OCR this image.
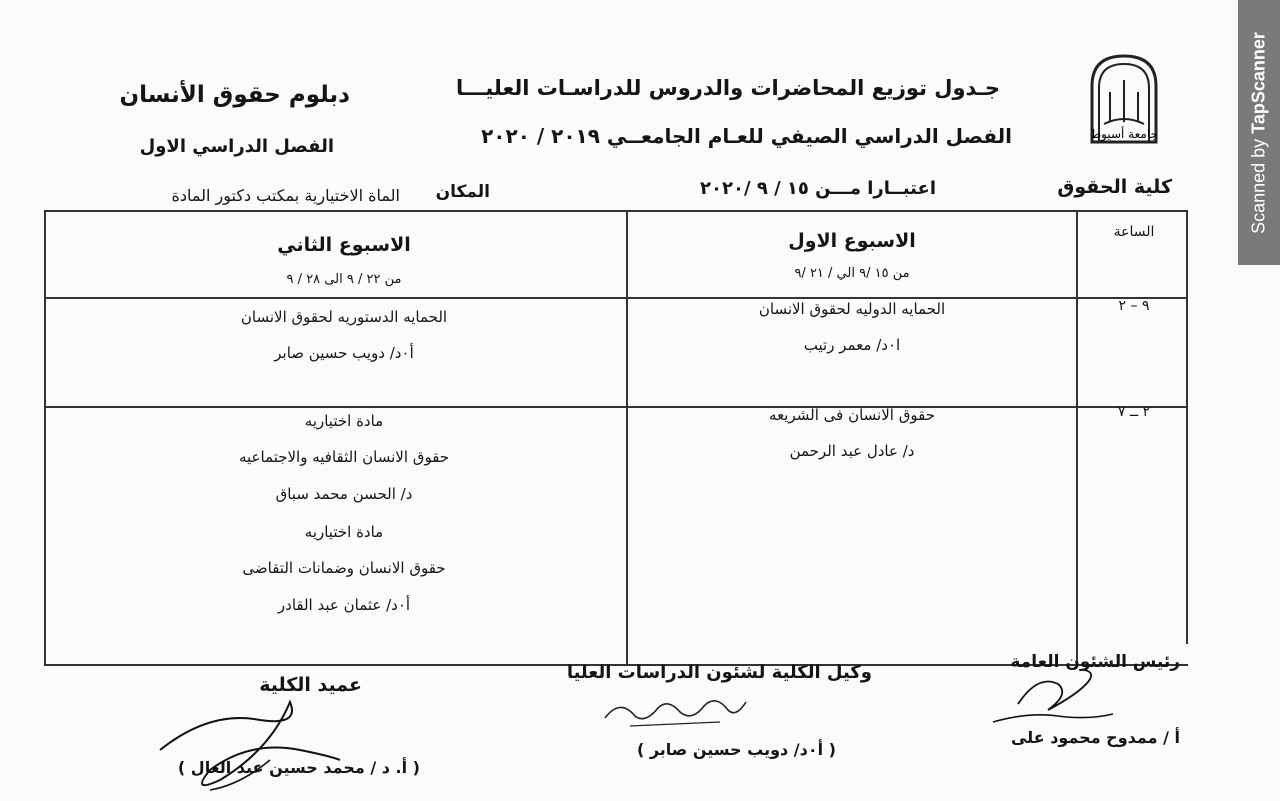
جامعة أسيوط
جـدول توزيع المحاضرات والدروس للدراسـات العليـــا
الفصل الدراسي الصيفي للعـام الجامعــي ٢٠١٩ / ٢٠٢٠
دبلوم حقوق الأنسان
الفصل الدراسي الاول
كلية الحقوق
اعتبــارا مـــن ١٥ / ٩ /٢٠٢٠
المكان
الماة الاختيارية بمكتب دكتور المادة
الساعة
الاسبوع الاول
من ١٥ /٩ الي / ٢١ /٩
الاسبوع الثاني
من ٢٢ / ٩ الى ٢٨ / ٩
٩ – ٢
الحمايه الدوليه لحقوق الانسان
ا٠د/ معمر رتيب
الحمايه الدستوريه لحقوق الانسان
أ٠د/ دويب حسين صابر
٢ ــ ٧
حقوق الانسان فى الشريعه
د/ عادل عبد الرحمن
مادة اختياريه
حقوق الانسان الثقافيه والاجتماعيه
د/ الحسن محمد سباق
مادة اختياريه
حقوق الانسان وضمانات التقاضى
أ٠د/ عثمان عبد القادر
عميد الكلية
( أ. د / محمد حسين عبد العال )
وكيل الكلية لشئون الدراسات العليا
( أ٠د/ دويب حسين صابر )
رئيس الشئون العامة
أ / ممدوح محمود على
Scanned by TapScanner
